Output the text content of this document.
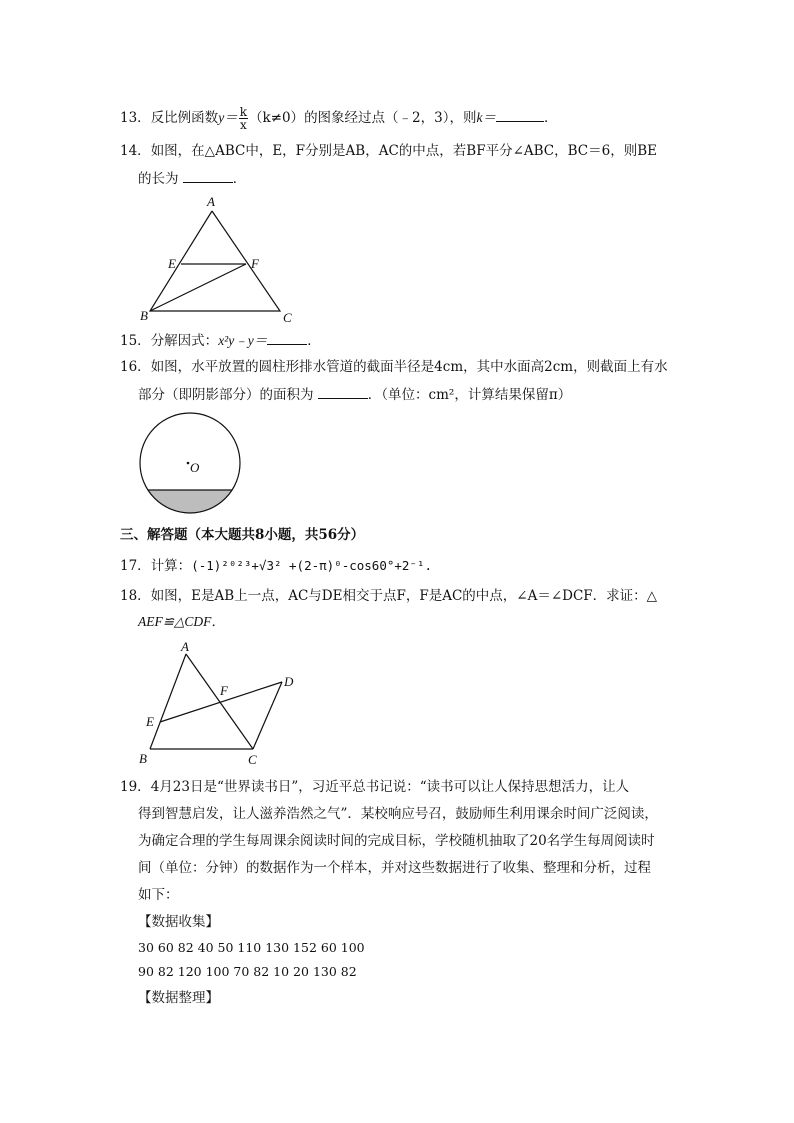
13．反比例函数$y= \frac{k}{x} (k\ne 0)$的图象经过点（﹣2，3），则k＝	．
14．如图，在△ABC中，E，F分别是AB，AC的中点，若BF平分∠ABC，BC＝6，则BE
的长为	．
A
B	C
E	F
O
A
B	C
D
E
F
15．分解因式：x²y﹣y＝	．
16．如图，水平放置的圆柱形排水管道的截面半径是4cm，其中水面高2cm，则截面上有水
部分（即阴影部分）的面积为	．（单位：cm²，计算结果保留π）
三、解答题（本大题共8小题，共56分）
17．计算：(-1)²⁰²³+√3² +(2-π)⁰-cos60°+2⁻¹.
18．如图，E是AB上一点，AC与DE相交于点F，F是AC的中点，∠A＝∠DCF．求证：△
AEF≌△CDF．
19．4月23日是“世界读书日”，习近平总书记说：“读书可以让人保持思想活力，让人
得到智慧启发，让人滋养浩然之气”．某校响应号召，鼓励师生利用课余时间广泛阅读，
为确定合理的学生每周课余阅读时间的完成目标，学校随机抽取了20名学生每周阅读时
间（单位：分钟）的数据作为一个样本，并对这些数据进行了收集、整理和分析，过程
如下：
【数据收集】
30 60 82 40 50 110 130 152 60 100
90 82 120 100 70 82 10 20 130 82
【数据整理】
